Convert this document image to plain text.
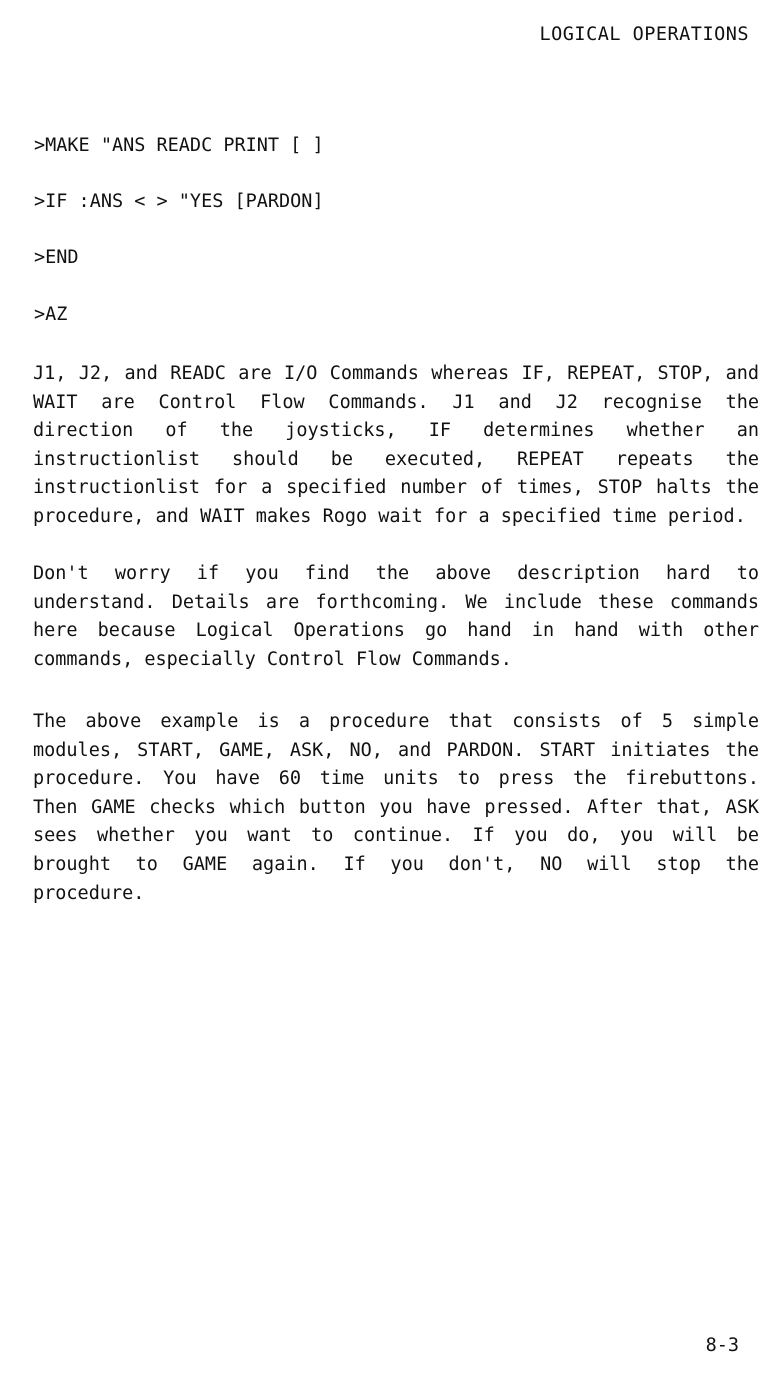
LOGICAL OPERATIONS
>MAKE "ANS READC PRINT [ ]
>IF :ANS < > "YES [PARDON]
>END
>AZ
J1, J2, and READC are I/O Commands whereas IF, REPEAT, STOP, and
WAIT are Control Flow Commands. J1 and J2 recognise the
direction of the joysticks, IF determines whether an
instructionlist should be executed, REPEAT repeats the
instructionlist for a specified number of times, STOP halts the
procedure, and WAIT makes Rogo wait for a specified time period.
Don't worry if you find the above description hard to
understand. Details are forthcoming. We include these commands
here because Logical Operations go hand in hand with other
commands, especially Control Flow Commands.
The above example is a procedure that consists of 5 simple
modules, START, GAME, ASK, NO, and PARDON. START initiates the
procedure. You have 60 time units to press the firebuttons.
Then GAME checks which button you have pressed. After that, ASK
sees whether you want to continue. If you do, you will be
brought to GAME again. If you don't, NO will stop the
procedure.
8-3
